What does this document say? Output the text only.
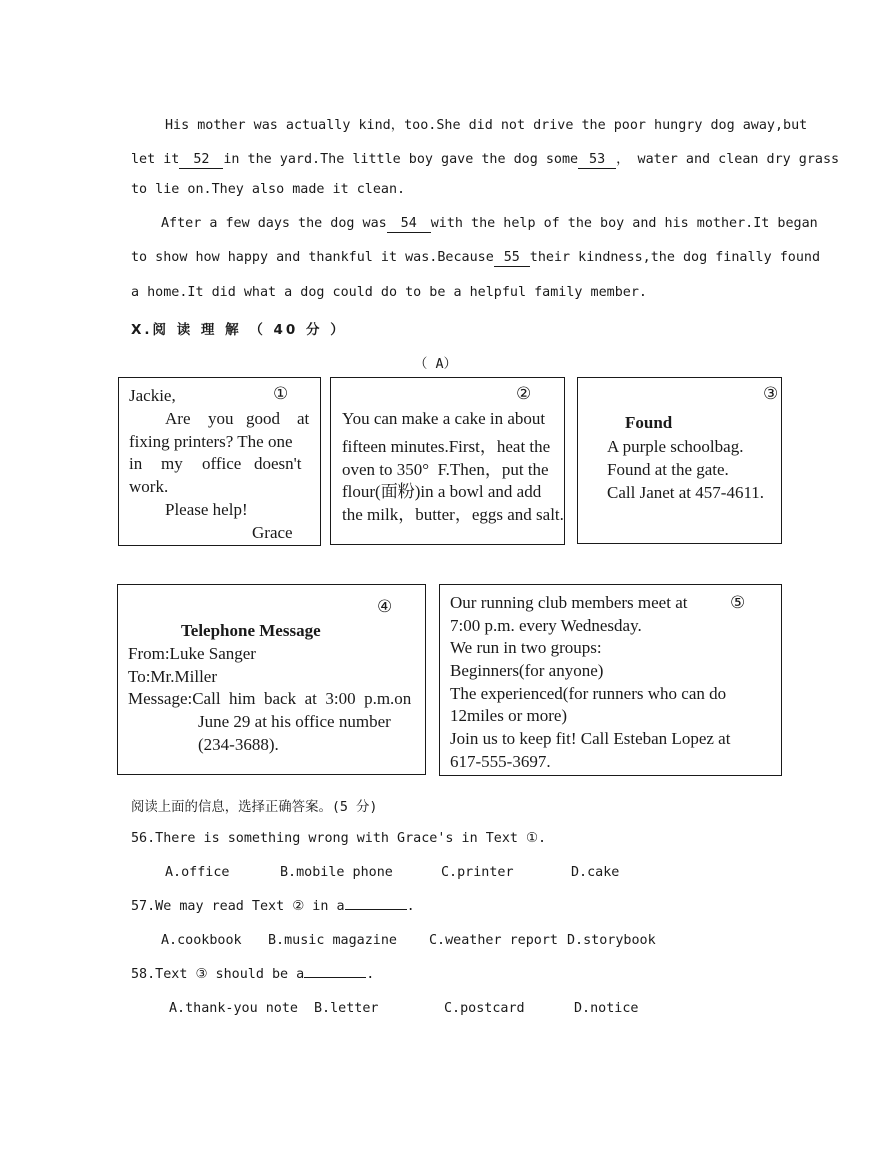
His mother was actually kind，too.She did not drive the poor hungry dog away,but
let it 52 in the yard.The little boy gave the dog some 53 ， water and clean dry grass
to lie on.They also made it clean.
After a few days the dog was 54 with the help of the boy and his mother.It began
to show how happy and thankful it was.Because 55 their kindness,the dog finally found
a home.It did what a dog could do to be a helpful family member.
X.阅 读 理 解 （ 40 分 ）
（ A）
①
Jackie,
Are you good at
fixing printers? The one
in my office doesn't
work.
Please help!
Grace
②
You can make a cake in about
fifteen minutes.First，heat the
oven to 350°  F.Then，put the
flour(面粉)in a bowl and add
the milk，butter，eggs and salt.
③
Found
A purple schoolbag.
Found at the gate.
Call Janet at 457-4611.
④
Telephone Message
From:Luke Sanger
To:Mr.Miller
Message:Call  him  back  at  3:00  p.m.on
June 29 at his office number
(234-3688).
⑤
Our running club members meet at
7:00 p.m. every Wednesday.
We run in two groups:
Beginners(for anyone)
The experienced(for runners who can do
12miles or more)
Join us to keep fit! Call Esteban Lopez at
617-555-3697.
阅读上面的信息，选择正确答案。(5 分)
56.There is something wrong with Grace's in Text ①.
A.office	B.mobile phone	C.printer	D.cake
57.We may read Text ② in a	.
A.cookbook B.music magazine C.weather report D.storybook
58.Text ③ should be a	.
A.thank-you note B.letter	C.postcard	D.notice
